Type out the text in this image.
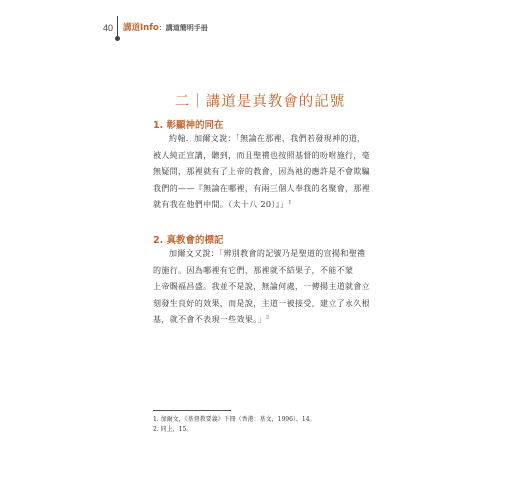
40 講道Info：講道簡明手冊
二｜講道是真教會的記號
1. 彰顯神的同在

約翰．加爾文說：「無論在那裡，我們若發現神的道，
被人純正宣講，聽到，而且聖禮也按照基督的吩咐施行，毫
無疑問，那裡就有了上帝的教會，因為祂的應許是不會欺騙
我們的——『無論在哪裡，有兩三個人奉我的名聚會，那裡
就有我在他們中間。（太十八 20）』」$^1$

2. 真教會的標記

加爾文又說：「辨別教會的記號乃是聖道的宣揚和聖禮
的施行。因為哪裡有它們，那裡就不結果子，不能不蒙
上帝賜福昌盛。我並不是說，無論何處，一傳揚主道就會立
刻發生良好的效果，而是說，主道一被接受，建立了永久根
基，就不會不表現一些效果。」$^2$

1. 加爾文，《基督教要義》下冊（香港：基文，1996），14。
2. 同上，15。
